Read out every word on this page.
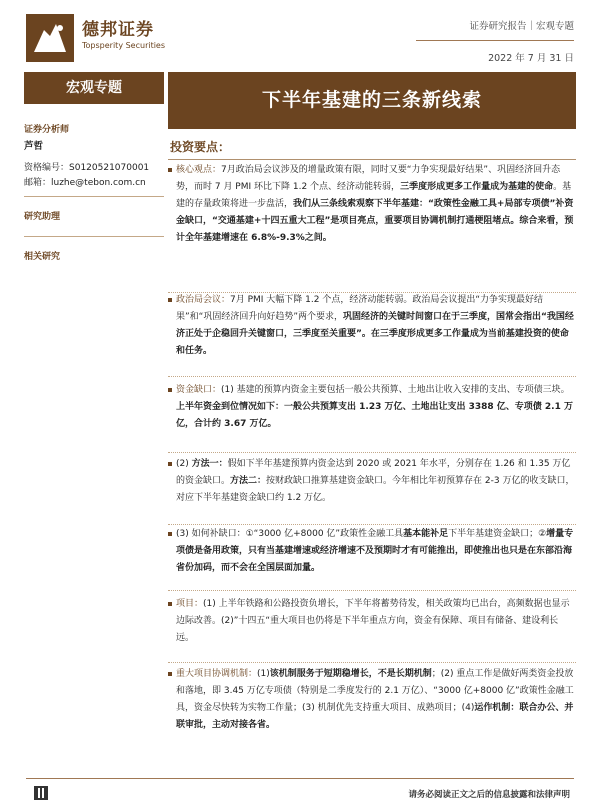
德邦证券
Topsperity Securities
证券研究报告｜宏观专题
2022 年 7 月 31 日
宏观专题
下半年基建的三条新线索
证券分析师
芦哲
资格编号：S0120521070001
邮箱：luzhe@tebon.com.cn
研究助理
相关研究
投资要点：
核心观点：7月政治局会议涉及的增量政策有限，同时又要“力争实现最好结果”、巩固经济回升态势，而时 7 月 PMI 环比下降 1.2 个点、经济动能转弱，三季度形成更多工作量成为基建的使命。基建的存量政策将进一步盘活，我们从三条线索观察下半年基建：“政策性金融工具+局部专项债”补资金缺口，“交通基建+十四五重大工程”是项目亮点，重要项目协调机制打通梗阻堵点。综合来看，预计全年基建增速在 6.8%-9.3%之间。
政治局会议：7月 PMI 大幅下降 1.2 个点，经济动能转弱。政治局会议提出“力争实现最好结果”和“巩固经济回升向好趋势”两个要求，巩固经济的关键时间窗口在于三季度，国常会指出“我国经济正处于企稳回升关键窗口，三季度至关重要”。在三季度形成更多工作量成为当前基建投资的使命和任务。
资金缺口：(1) 基建的预算内资金主要包括一般公共预算、土地出让收入安排的支出、专项债三块。上半年资金到位情况如下：一般公共预算支出 1.23 万亿、土地出让支出 3388 亿、专项债 2.1 万亿，合计约 3.67 万亿。
(2) 方法一：假如下半年基建预算内资金达到 2020 或 2021 年水平，分别存在 1.26 和 1.35 万亿的资金缺口。方法二：按财政缺口推算基建资金缺口。今年相比年初预算存在 2-3 万亿的收支缺口，对应下半年基建资金缺口约 1.2 万亿。
(3) 如何补缺口：①“3000 亿+8000 亿”政策性金融工具基本能补足下半年基建资金缺口；②增量专项债是备用政策，只有当基建增速或经济增速不及预期时才有可能推出，即使推出也只是在东部沿海省份加码，而不会在全国层面加量。
项目：(1) 上半年铁路和公路投资负增长，下半年将蓄势待发，相关政策均已出台，高频数据也显示边际改善。(2)”十四五“重大项目也仍将是下半年重点方向，资金有保障、项目有储备、建设利长远。
重大项目协调机制：(1)该机制服务于短期稳增长，不是长期机制；(2) 重点工作是做好两类资金投放和落地，即 3.45 万亿专项债（特别是二季度发行的 2.1 万亿）、“3000 亿+8000 亿”政策性金融工具，资金尽快转为实物工作量；(3) 机制优先支持重大项目、成熟项目；(4)运作机制：联合办公、并联审批，主动对接各省。
请务必阅读正文之后的信息披露和法律声明
